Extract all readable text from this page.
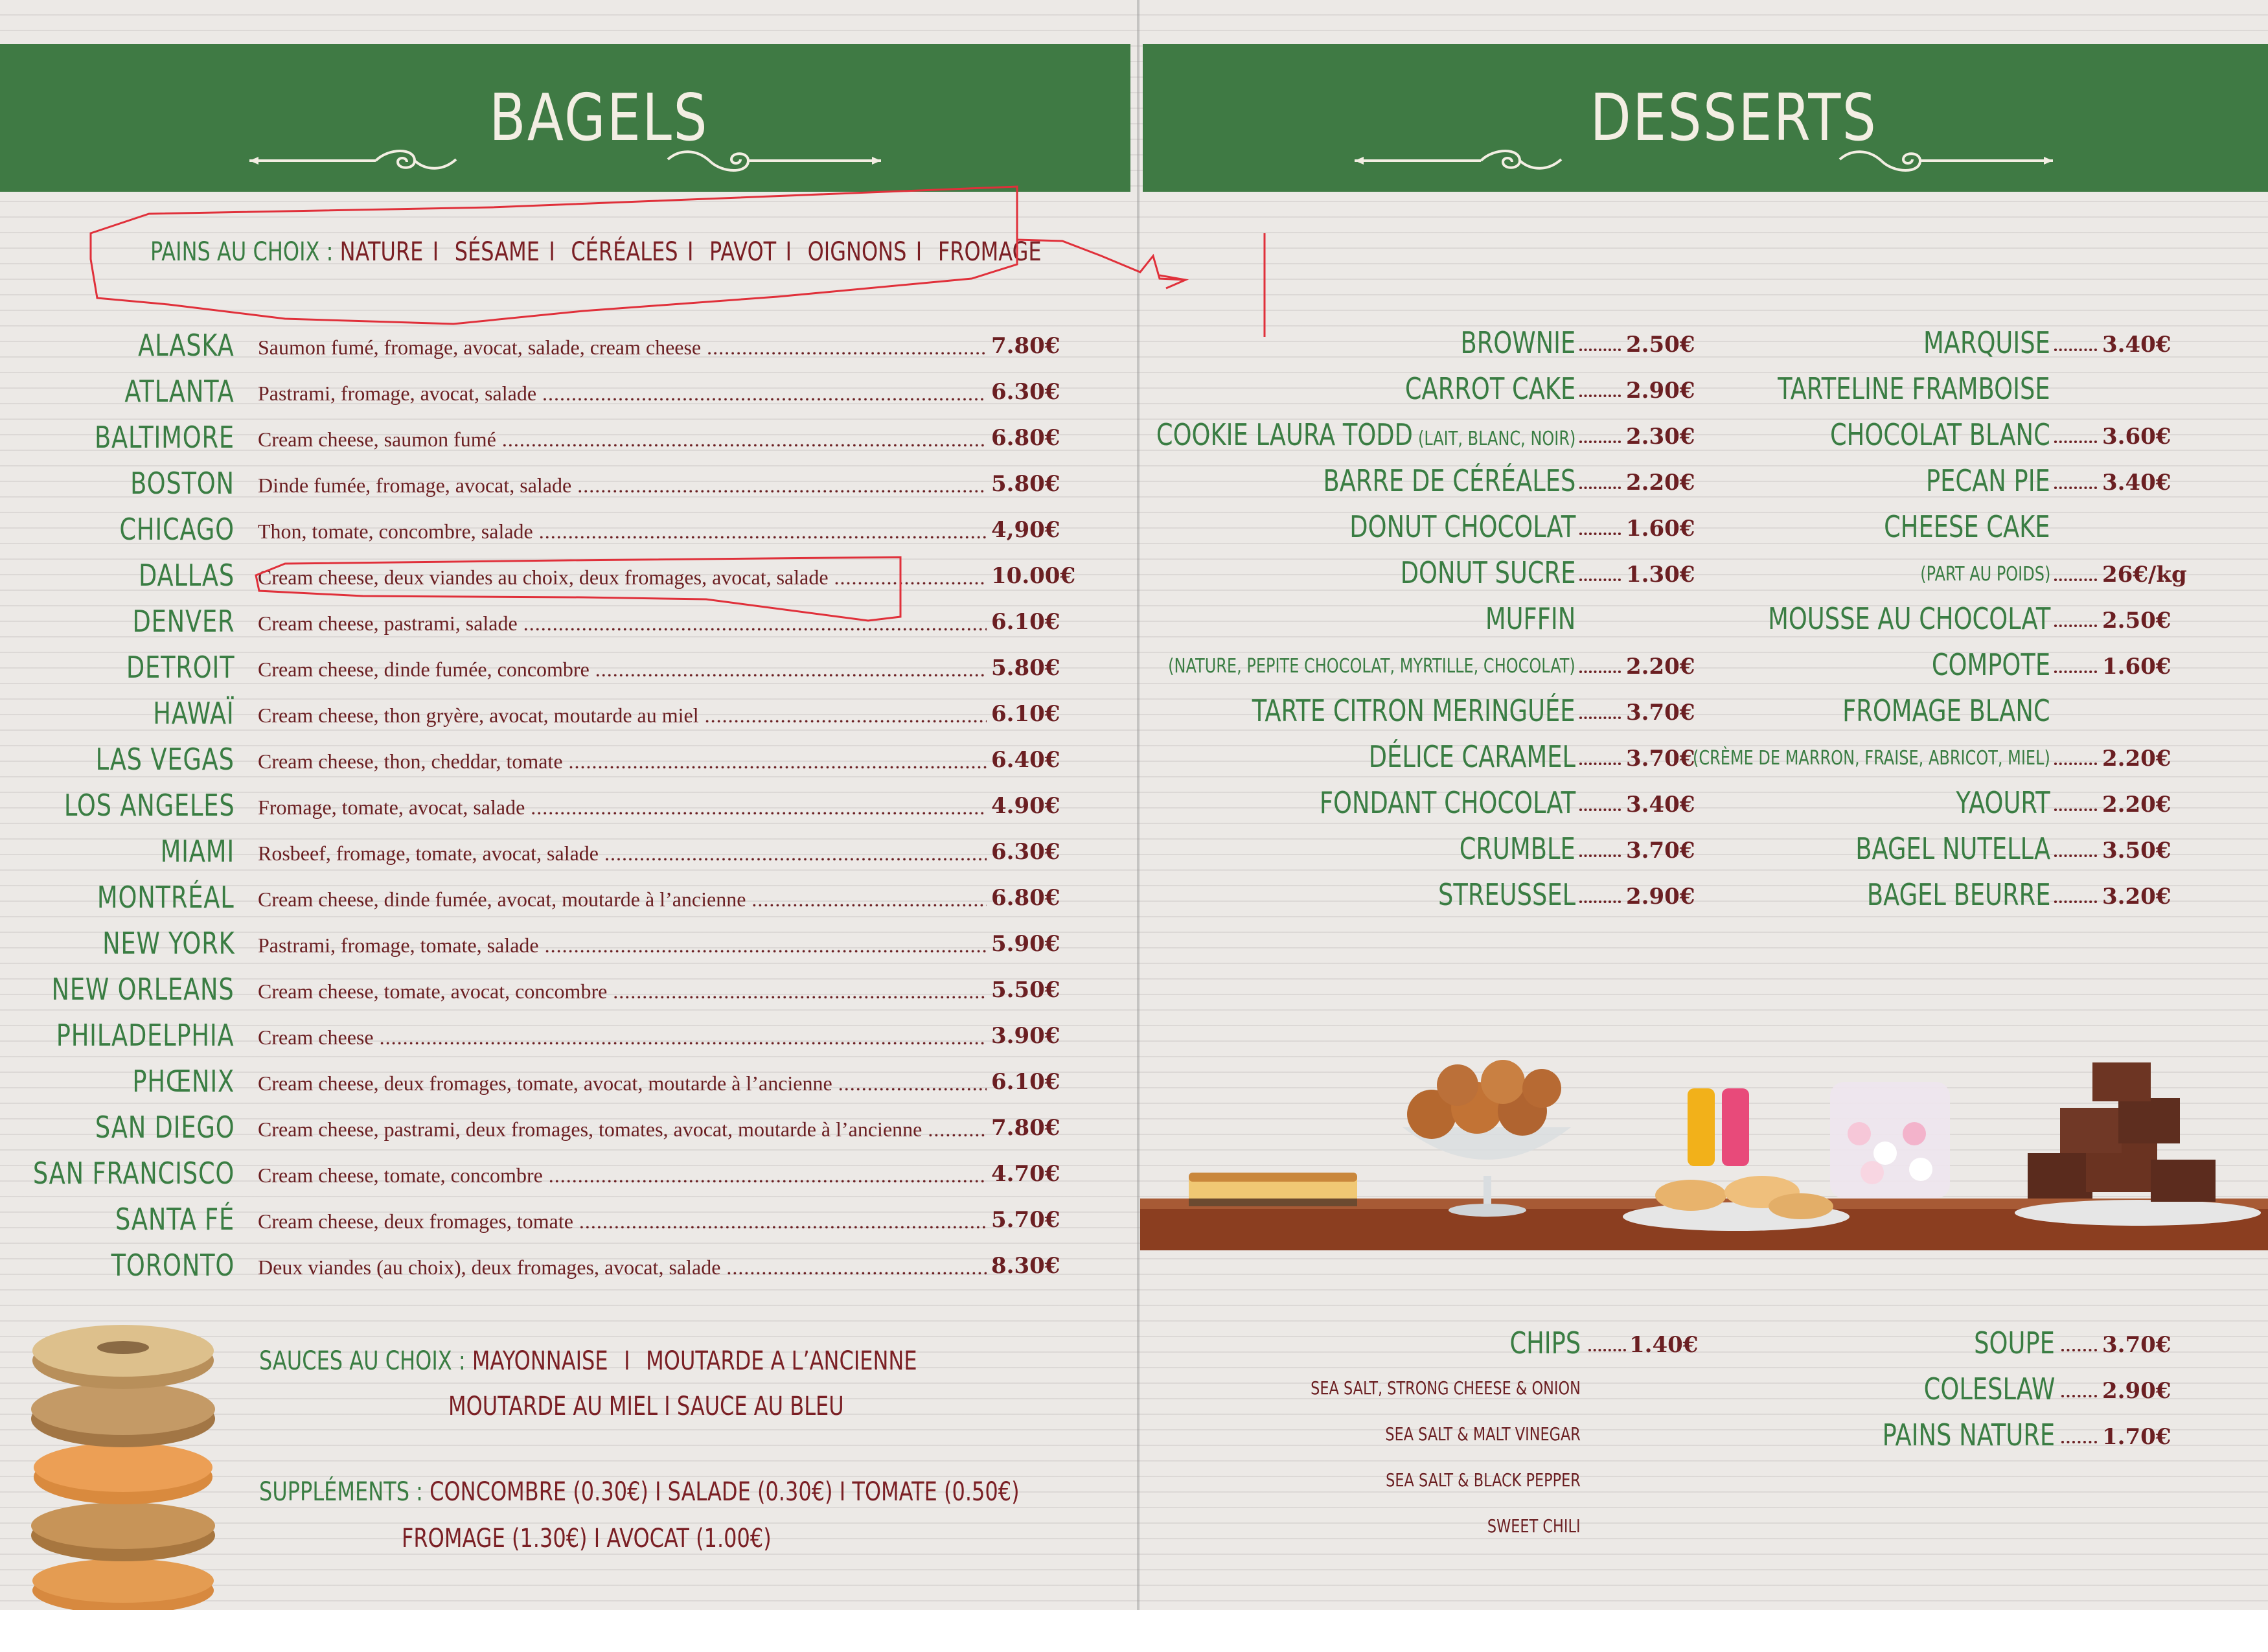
BAGELS	DESSERTS
PAINS AU CHOIX : NATURE I SÉSAME I CÉRÉALES I PAVOT I OIGNONS I FROMAGE
ALASKA Saumon fumé, fromage, avocat, salade, cream cheese .....	7.80€
ATLANTA Pastrami, fromage, avocat, salade .....	6.30€
BALTIMORE Cream cheese, saumon fumé .....	6.80€
BOSTON Dinde fumée, fromage, avocat, salade .....	5.80€
CHICAGO Thon, tomate, concombre, salade .....	4,90€
DALLAS Cream cheese, deux viandes au choix, deux fromages, avocat, salade .....	10.00€
DENVER Cream cheese, pastrami, salade .....	6.10€
DETROIT Cream cheese, dinde fumée, concombre .....	5.80€
HAWAÏ Cream cheese, thon gryère, avocat, moutarde au miel .....	6.10€
LAS VEGAS Cream cheese, thon, cheddar, tomate .....	6.40€
LOS ANGELES Fromage, tomate, avocat, salade .....	4.90€
MIAMI Rosbeef, fromage, tomate, avocat, salade .....	6.30€
MONTRÉAL Cream cheese, dinde fumée, avocat, moutarde à l’ancienne .....	6.80€
NEW YORK Pastrami, fromage, tomate, salade .....	5.90€
NEW ORLEANS Cream cheese, tomate, avocat, concombre .....	5.50€
PHILADELPHIA Cream cheese .....	3.90€
PHŒNIX Cream cheese, deux fromages, tomate, avocat, moutarde à l’ancienne .....	6.10€
SAN DIEGO Cream cheese, pastrami, deux fromages, tomates, avocat, moutarde à l’ancienne .....	7.80€
SAN FRANCISCO Cream cheese, tomate, concombre .....	4.70€
SANTA FÉ Cream cheese, deux fromages, tomate .....	5.70€
TORONTO Deux viandes (au choix), deux fromages, avocat, salade .....	8.30€
SAUCES AU CHOIX : MAYONNAISE I MOUTARDE A L’ANCIENNE
MOUTARDE AU MIEL I SAUCE AU BLEU
SUPPLÉMENTS : CONCOMBRE (0.30€) I SALADE (0.30€) I TOMATE (0.50€)
FROMAGE (1.30€) I AVOCAT (1.00€)
BROWNIE 2.50€
CARROT CAKE 2.90€
COOKIE LAURA TODD (LAIT, BLANC, NOIR) 2.30€
BARRE DE CÉRÉALES 2.20€
DONUT CHOCOLAT 1.60€
DONUT SUCRE 1.30€
MUFFIN
(NATURE, PEPITE CHOCOLAT, MYRTILLE, CHOCOLAT) 2.20€
TARTE CITRON MERINGUÉE 3.70€
DÉLICE CARAMEL 3.70€
FONDANT CHOCOLAT 3.40€
CRUMBLE 3.70€
STREUSSEL 2.90€
MARQUISE 3.40€
TARTELINE FRAMBOISE
CHOCOLAT BLANC 3.60€
PECAN PIE 3.40€
CHEESE CAKE
(PART AU POIDS) 26€/kg
MOUSSE AU CHOCOLAT 2.50€
COMPOTE 1.60€
FROMAGE BLANC
(CRÈME DE MARRON, FRAISE, ABRICOT, MIEL) 2.20€
YAOURT 2.20€
BAGEL NUTELLA 3.50€
BAGEL BEURRE 3.20€
CHIPS 1.40€
SEA SALT, STRONG CHEESE & ONION
SEA SALT & MALT VINEGAR
SEA SALT & BLACK PEPPER
SWEET CHILI
SOUPE 3.70€
COLESLAW 2.90€
PAINS NATURE 1.70€
